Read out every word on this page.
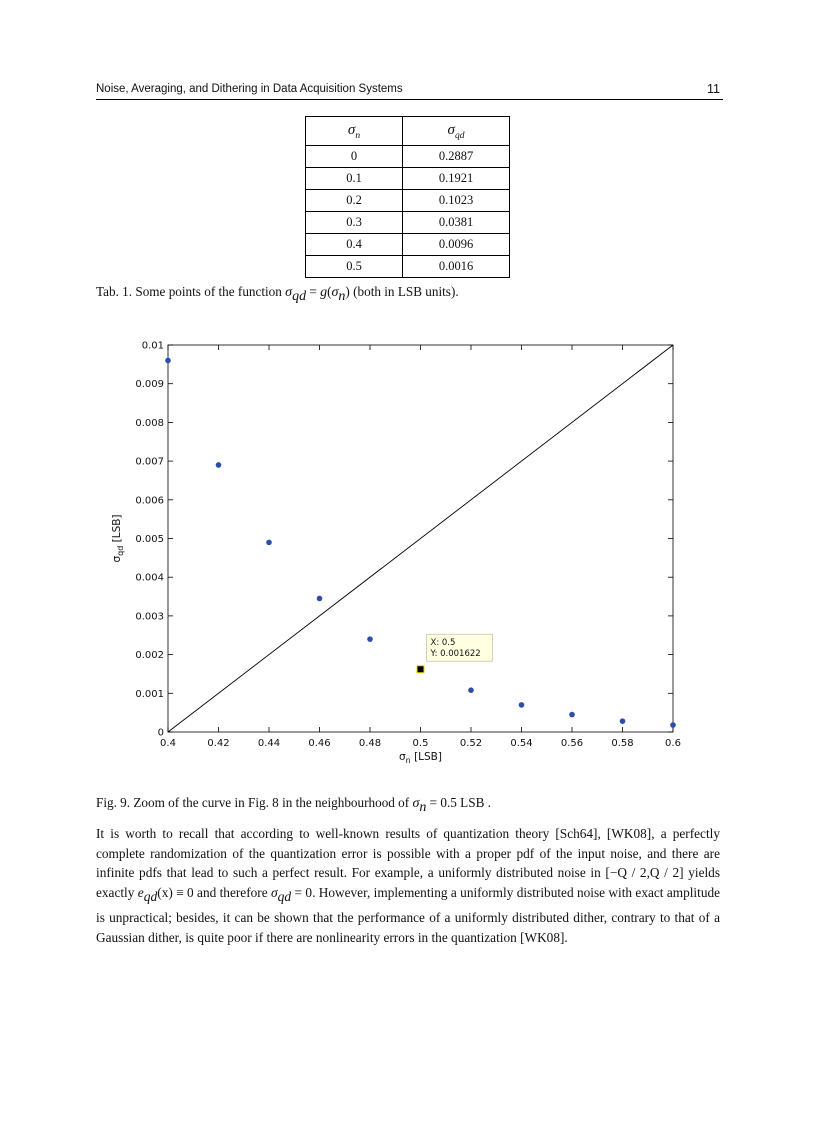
Noise, Averaging, and Dithering in Data Acquisition Systems	11
$\sigma_n$	$\sigma_{qd}$
0	0.2887
0.1	0.1921
0.2	0.1023
0.3	0.0381
0.4	0.0096
0.5	0.0016
Tab. 1. Some points of the function $\sigma_{qd} = g(\sigma_n)$ (both in LSB units).
0.4	0.42	0.44	0.46	0.48	0.5	0.52	0.54	0.56	0.58	0.6
0
0.001
0.002
0.003
0.004
0.005
0.006
0.007
0.008
0.009
0.01
X: 0.5
Y: 0.001622
$\sigma_n$ [LSB]
$\sigma_{qd}$ [LSB]
Fig. 9. Zoom of the curve in Fig. 8 in the neighbourhood of $\sigma_n = 0.5$ LSB .

It is worth to recall that according to well-known results of quantization theory [Sch64], [WK08], a perfectly complete randomization of the quantization error is possible with a proper pdf of the input noise, and there are infinite pdfs that lead to such a perfect result. For example, a uniformly distributed noise in [−Q / 2,Q / 2] yields exactly $e_{qd}(x) \equiv 0$ and therefore $\sigma_{qd} = 0$. However, implementing a uniformly distributed noise with exact amplitude is unpractical; besides, it can be shown that the performance of a uniformly distributed dither, contrary to that of a Gaussian dither, is quite poor if there are nonlinearity errors in the quantization [WK08].
